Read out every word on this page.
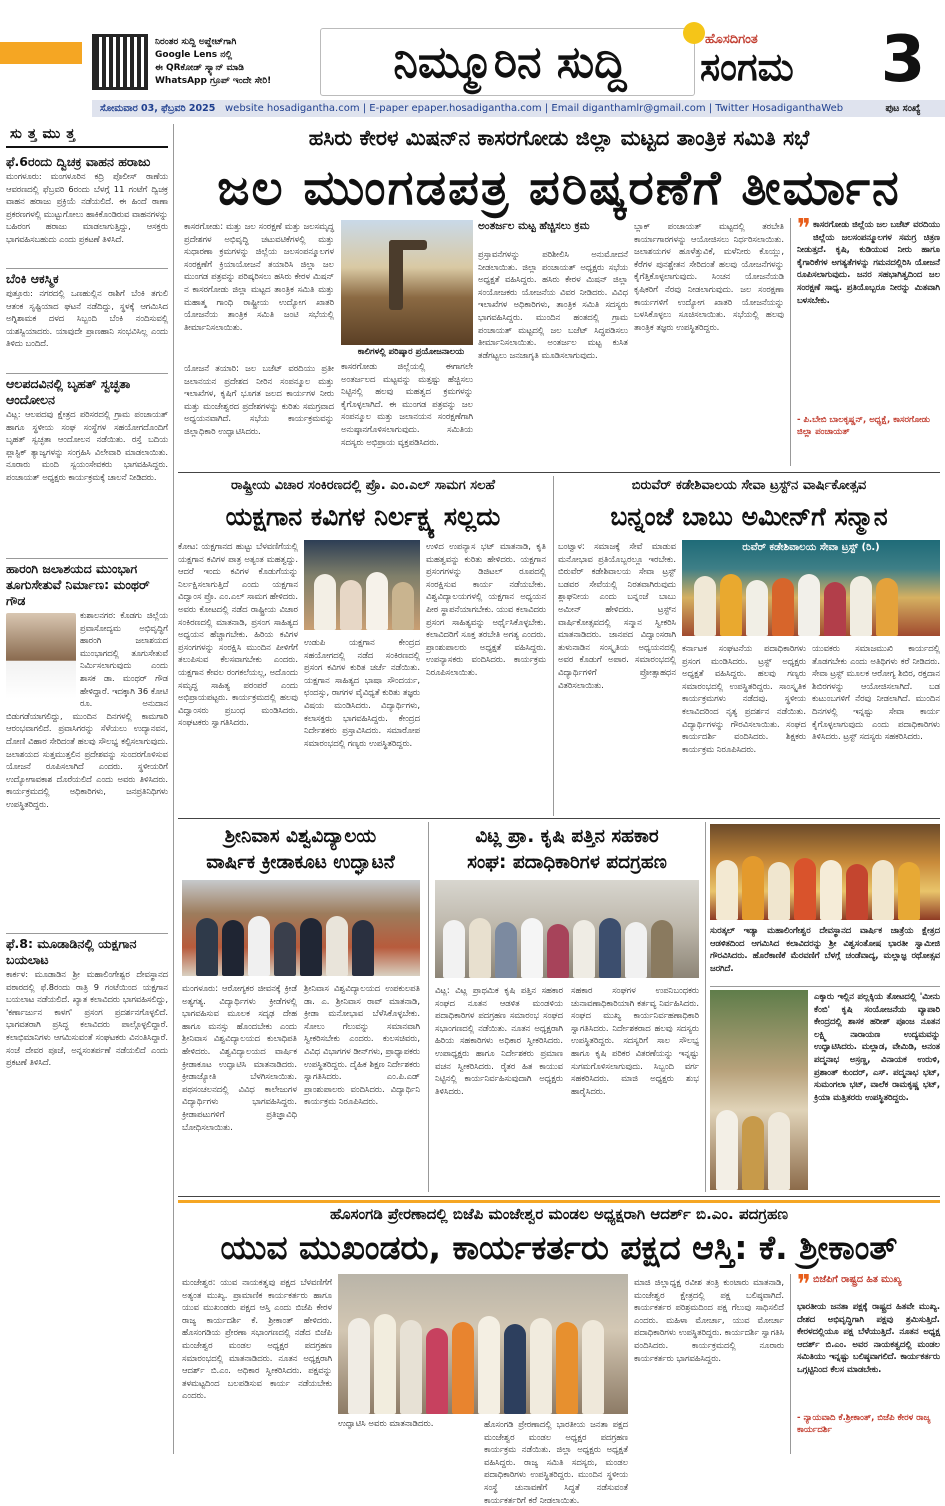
ನಿರಂತರ ಸುದ್ದಿ ಅಪ್ಡೇಟ್‌ಗಾಗಿ
Google Lens ನಲ್ಲಿ
ಈ QRಕೋಡ್ ಸ್ಕ್ಯಾನ್ ಮಾಡಿ
WhatsApp ಗ್ರೂಪ್ ಇಂದೇ ಸೇರಿ!	ನಿಮ್ಮೂರಿನ ಸುದ್ದಿ	ಹೊಸದಿಗಂತ
ಸಂಗಮ	3
ಸೋಮವಾರ 03, ಫೆಬ್ರವರಿ 2025 website hosadigantha.com | E-paper epaper.hosadigantha.com | Email diganthamlr@gmail.com | Twitter HosadiganthaWeb	ಪುಟ ಸಂಖ್ಯೆ
ಸುತ್ತಮುತ್ತ
ಫೆ.6ರಂದು ದ್ವಿಚಕ್ರ ವಾಹನ ಹರಾಜು
ಮಂಗಳೂರು: ಮಂಗಳೂರಿನ ಕದ್ರಿ ಪೊಲೀಸ್ ಠಾಣೆಯ ಆವರಣದಲ್ಲಿ ಫೆಬ್ರವರಿ 6ರಂದು ಬೆಳಗ್ಗೆ 11 ಗಂಟೆಗೆ ದ್ವಿಚಕ್ರ ವಾಹನ ಹರಾಜು ಪ್ರಕ್ರಿಯೆ ನಡೆಯಲಿದೆ. ಈ ಹಿಂದೆ ಠಾಣಾ ಪ್ರಕರಣಗಳಲ್ಲಿ ಮುಟ್ಟುಗೋಲು ಹಾಕಿಕೊಂಡಿರುವ ವಾಹನಗಳನ್ನು ಬಹಿರಂಗ ಹರಾಜು ಮಾಡಲಾಗುತ್ತಿದ್ದು, ಆಸಕ್ತರು ಭಾಗವಹಿಸಬಹುದು ಎಂದು ಪ್ರಕಟಣೆ ತಿಳಿಸಿದೆ.
ಬೆಂಕಿ ಆಕಸ್ಮಿಕ
ಪುತ್ತೂರು: ನಗರದಲ್ಲಿ ಒಣಹುಲ್ಲಿನ ರಾಶಿಗೆ ಬೆಂಕಿ ತಗುಲಿ ಆತಂಕ ಸೃಷ್ಟಿಯಾದ ಘಟನೆ ನಡೆದಿದ್ದು, ಸ್ಥಳಕ್ಕೆ ಆಗಮಿಸಿದ ಅಗ್ನಿಶಾಮಕ ದಳದ ಸಿಬ್ಬಂದಿ ಬೆಂಕಿ ನಂದಿಸುವಲ್ಲಿ ಯಶಸ್ವಿಯಾದರು. ಯಾವುದೇ ಪ್ರಾಣಹಾನಿ ಸಂಭವಿಸಿಲ್ಲ ಎಂದು ತಿಳಿದು ಬಂದಿದೆ.
ಆಲಪದವಿನಲ್ಲಿ ಬೃಹತ್ ಸ್ವಚ್ಛತಾ ಆಂದೋಲನ
ವಿಟ್ಲ: ಆಲಪದವು ಕ್ಷೇತ್ರದ ಪರಿಸರದಲ್ಲಿ ಗ್ರಾಮ ಪಂಚಾಯತ್ ಹಾಗೂ ಸ್ಥಳೀಯ ಸಂಘ ಸಂಸ್ಥೆಗಳ ಸಹಯೋಗದೊಂದಿಗೆ ಬೃಹತ್ ಸ್ವಚ್ಛತಾ ಆಂದೋಲನ ನಡೆಯಿತು. ರಸ್ತೆ ಬದಿಯ ಪ್ಲಾಸ್ಟಿಕ್ ತ್ಯಾಜ್ಯಗಳನ್ನು ಸಂಗ್ರಹಿಸಿ ವಿಲೇವಾರಿ ಮಾಡಲಾಯಿತು. ನೂರಾರು ಮಂದಿ ಸ್ವಯಂಸೇವಕರು ಭಾಗವಹಿಸಿದ್ದರು. ಪಂಚಾಯತ್ ಅಧ್ಯಕ್ಷರು ಕಾರ್ಯಕ್ರಮಕ್ಕೆ ಚಾಲನೆ ನೀಡಿದರು.
ಹಾರಂಗಿ ಜಲಾಶಯದ ಮುಂಭಾಗ ತೂಗುಸೇತುವೆ ನಿರ್ಮಾಣ: ಮಂಥರ್ ಗೌಡ
ಕುಶಾಲನಗರ: ಕೊಡಗು ಜಿಲ್ಲೆಯ ಪ್ರವಾಸೋದ್ಯಮ ಅಭಿವೃದ್ಧಿಗೆ ಹಾರಂಗಿ ಜಲಾಶಯದ ಮುಂಭಾಗದಲ್ಲಿ ತೂಗುಸೇತುವೆ ನಿರ್ಮಿಸಲಾಗುವುದು ಎಂದು ಶಾಸಕ ಡಾ. ಮಂಥರ್ ಗೌಡ ಹೇಳಿದ್ದಾರೆ. ಇದಕ್ಕಾಗಿ 36 ಕೋಟಿ ರೂ. ಅನುದಾನ ಬಿಡುಗಡೆಯಾಗಲಿದ್ದು, ಮುಂದಿನ ದಿನಗಳಲ್ಲಿ ಕಾಮಗಾರಿ ಆರಂಭವಾಗಲಿದೆ. ಪ್ರವಾಸಿಗರನ್ನು ಸೆಳೆಯಲು ಉದ್ಯಾನವನ, ದೋಣಿ ವಿಹಾರ ಸೇರಿದಂತೆ ಹಲವು ಸೌಲಭ್ಯ ಕಲ್ಪಿಸಲಾಗುವುದು. ಜಲಾಶಯದ ಸುತ್ತಮುತ್ತಲಿನ ಪ್ರದೇಶವನ್ನು ಸುಂದರಗೊಳಿಸುವ ಯೋಜನೆ ರೂಪಿಸಲಾಗಿದೆ ಎಂದರು. ಸ್ಥಳೀಯರಿಗೆ ಉದ್ಯೋಗಾವಕಾಶ ದೊರೆಯಲಿದೆ ಎಂದು ಅವರು ತಿಳಿಸಿದರು. ಕಾರ್ಯಕ್ರಮದಲ್ಲಿ ಅಧಿಕಾರಿಗಳು, ಜನಪ್ರತಿನಿಧಿಗಳು ಉಪಸ್ಥಿತರಿದ್ದರು.
ಫೆ.8: ಮೂಡಾಡಿನಲ್ಲಿ ಯಕ್ಷಗಾನ ಬಯಲಾಟ
ಕಾರ್ಕಳ: ಮೂಡಾಡಿನ ಶ್ರೀ ಮಹಾಲಿಂಗೇಶ್ವರ ದೇವಸ್ಥಾನದ ವಠಾರದಲ್ಲಿ ಫೆ.8ರಂದು ರಾತ್ರಿ 9 ಗಂಟೆಯಿಂದ ಯಕ್ಷಗಾನ ಬಯಲಾಟ ನಡೆಯಲಿದೆ. ಖ್ಯಾತ ಕಲಾವಿದರು ಭಾಗವಹಿಸಲಿದ್ದು, 'ಕರ್ಣಾರ್ಜುನ ಕಾಳಗ' ಪ್ರಸಂಗ ಪ್ರದರ್ಶನಗೊಳ್ಳಲಿದೆ. ಭಾಗವತರಾಗಿ ಪ್ರಸಿದ್ಧ ಕಲಾವಿದರು ಪಾಲ್ಗೊಳ್ಳಲಿದ್ದಾರೆ. ಕಲಾಭಿಮಾನಿಗಳು ಆಗಮಿಸುವಂತೆ ಸಂಘಟಕರು ವಿನಂತಿಸಿದ್ದಾರೆ. ಸಂಜೆ ದೇವರ ಪೂಜೆ, ಅನ್ನಸಂತರ್ಪಣೆ ನಡೆಯಲಿದೆ ಎಂದು ಪ್ರಕಟಣೆ ತಿಳಿಸಿದೆ.
ಹಸಿರು ಕೇರಳ ಮಿಷನ್‌ನ ಕಾಸರಗೋಡು ಜಿಲ್ಲಾ ಮಟ್ಟದ ತಾಂತ್ರಿಕ ಸಮಿತಿ ಸಭೆ
ಜಲ ಮುಂಗಡಪತ್ರ ಪರಿಷ್ಕರಣೆಗೆ ತೀರ್ಮಾನ
ಕಾಸರಗೋಡು: ಮತ್ತು ಜಲ ಸಂರಕ್ಷಣೆ ಮತ್ತು ಜಲಸಮೃದ್ಧ ಪ್ರದೇಶಗಳ ಅಭಿವೃದ್ಧಿ ಚಟುವಟಿಕೆಗಳಲ್ಲಿ ಮತ್ತು ಸುಧಾರಣಾ ಕ್ರಮಗಳನ್ನು ಜಿಲ್ಲೆಯ ಜಲಸಂಪನ್ಮೂಲಗಳ ಸಂರಕ್ಷಣೆಗೆ ಕ್ರಿಯಾಯೋಜನೆ ತಯಾರಿಸಿ ಜಿಲ್ಲಾ ಜಲ ಮುಂಗಡ ಪತ್ರವನ್ನು ಪರಿಷ್ಕರಿಸಲು ಹಸಿರು ಕೇರಳ ಮಿಷನ್ ನ ಕಾಸರಗೋಡು ಜಿಲ್ಲಾ ಮಟ್ಟದ ತಾಂತ್ರಿಕ ಸಮಿತಿ ಮತ್ತು ಮಹಾತ್ಮ ಗಾಂಧಿ ರಾಷ್ಟ್ರೀಯ ಉದ್ಯೋಗ ಖಾತರಿ ಯೋಜನೆಯ ತಾಂತ್ರಿಕ ಸಮಿತಿ ಜಂಟಿ ಸಭೆಯಲ್ಲಿ ತೀರ್ಮಾನಿಸಲಾಯಿತು.
ಯೋಜನೆ ತಯಾರಿ: ಜಲ ಬಜೆಟ್ ವರದಿಯು ಪ್ರತೀ ಜಲಾನಯನ ಪ್ರದೇಶದ ನೀರಿನ ಸಂಪನ್ಮೂಲ ಮತ್ತು ಇಲಾಖೆಗಳ, ಕೃಷಿಗೆ ಭೂಗತ ಜಲದ ಕಾರ್ಯಗಳ ನೀರು ಮತ್ತು ಮಂಜೇಶ್ವರದ ಪ್ರದೇಶಗಳನ್ನು ಕುರಿತು ಸಮಗ್ರವಾದ ಅಧ್ಯಯನವಾಗಿದೆ. ಸಭೆಯ ಕಾರ್ಯಕ್ರಮವನ್ನು ಜಿಲ್ಲಾಧಿಕಾರಿ ಉದ್ಘಾಟಿಸಿದರು.
ಕಾಲಿಗಳಲ್ಲಿ ಪರಿಷ್ಕಾರ ಪ್ರಯೋಜನಾಲಯ
ಕಾಸರಗೋಡು ಜಿಲ್ಲೆಯಲ್ಲಿ ಈಗಾಗಲೇ ಅಂತರ್ಜಲದ ಮಟ್ಟವನ್ನು ಮತ್ತಷ್ಟು ಹೆಚ್ಚಿಸಲು ನಿಟ್ಟಿನಲ್ಲಿ ಹಲವು ಮಹತ್ವದ ಕ್ರಮಗಳನ್ನು ಕೈಗೊಳ್ಳಲಾಗಿದೆ. ಈ ಮುಂಗಡ ಪತ್ರವನ್ನು ಜಲ ಸಂಪನ್ಮೂಲ ಮತ್ತು ಜಲಾನಯನ ಸಂರಕ್ಷಣೆಗಾಗಿ ಅನುಷ್ಠಾನಗೊಳಿಸಲಾಗುವುದು. ಸಮಿತಿಯ ಸದಸ್ಯರು ಅಭಿಪ್ರಾಯ ವ್ಯಕ್ತಪಡಿಸಿದರು.
ಅಂತರ್ಜಲ ಮಟ್ಟ ಹೆಚ್ಚಿಸಲು ಕ್ರಮ
ಪ್ರಸ್ತಾವನೆಗಳನ್ನು ಪರಿಶೀಲಿಸಿ ಅನುಮೋದನೆ ನೀಡಲಾಯಿತು. ಜಿಲ್ಲಾ ಪಂಚಾಯತ್ ಅಧ್ಯಕ್ಷರು ಸಭೆಯ ಅಧ್ಯಕ್ಷತೆ ವಹಿಸಿದ್ದರು. ಹಸಿರು ಕೇರಳ ಮಿಷನ್ ಜಿಲ್ಲಾ ಸಂಯೋಜಕರು ಯೋಜನೆಯ ವಿವರ ನೀಡಿದರು. ವಿವಿಧ ಇಲಾಖೆಗಳ ಅಧಿಕಾರಿಗಳು, ತಾಂತ್ರಿಕ ಸಮಿತಿ ಸದಸ್ಯರು ಭಾಗವಹಿಸಿದ್ದರು. ಮುಂದಿನ ಹಂತದಲ್ಲಿ ಗ್ರಾಮ ಪಂಚಾಯತ್ ಮಟ್ಟದಲ್ಲಿ ಜಲ ಬಜೆಟ್ ಸಿದ್ಧಪಡಿಸಲು ತೀರ್ಮಾನಿಸಲಾಯಿತು. ಅಂತರ್ಜಲ ಮಟ್ಟ ಕುಸಿತ ತಡೆಗಟ್ಟಲು ಜನಜಾಗೃತಿ ಮೂಡಿಸಲಾಗುವುದು.
ಬ್ಲಾಕ್ ಪಂಚಾಯತ್ ಮಟ್ಟದಲ್ಲಿ ತರಬೇತಿ ಕಾರ್ಯಾಗಾರಗಳನ್ನು ಆಯೋಜಿಸಲು ನಿರ್ಧರಿಸಲಾಯಿತು. ಜಲಾಶಯಗಳ ಹೂಳೆತ್ತುವಿಕೆ, ಮಳೆನೀರು ಕೊಯ್ಲು, ಕೆರೆಗಳ ಪುನಶ್ಚೇತನ ಸೇರಿದಂತೆ ಹಲವು ಯೋಜನೆಗಳನ್ನು ಕೈಗೆತ್ತಿಕೊಳ್ಳಲಾಗುವುದು. ಸಿಂಚನ ಯೋಜನೆಯಡಿ ಕೃಷಿಕರಿಗೆ ನೆರವು ನೀಡಲಾಗುವುದು. ಜಲ ಸಂರಕ್ಷಣಾ ಕಾರ್ಯಗಳಿಗೆ ಉದ್ಯೋಗ ಖಾತರಿ ಯೋಜನೆಯನ್ನು ಬಳಸಿಕೊಳ್ಳಲು ಸೂಚಿಸಲಾಯಿತು. ಸಭೆಯಲ್ಲಿ ಹಲವು ತಾಂತ್ರಿಕ ತಜ್ಞರು ಉಪಸ್ಥಿತರಿದ್ದರು.
❞ ಕಾಸರಗೋಡು ಜಿಲ್ಲೆಯ ಜಲ ಬಜೆಟ್ ವರದಿಯು ಜಿಲ್ಲೆಯ ಜಲಸಂಪನ್ಮೂಲಗಳ ಸಮಗ್ರ ಚಿತ್ರಣ ನೀಡುತ್ತದೆ. ಕೃಷಿ, ಕುಡಿಯುವ ನೀರು ಹಾಗೂ ಕೈಗಾರಿಕೆಗಳ ಅಗತ್ಯತೆಗಳನ್ನು ಗಮನದಲ್ಲಿರಿಸಿ ಯೋಜನೆ ರೂಪಿಸಲಾಗುವುದು. ಜನರ ಸಹಭಾಗಿತ್ವದಿಂದ ಜಲ ಸಂರಕ್ಷಣೆ ಸಾಧ್ಯ. ಪ್ರತಿಯೊಬ್ಬರೂ ನೀರನ್ನು ಮಿತವಾಗಿ ಬಳಸಬೇಕು.
- ಪಿ.ಬೇಬಿ ಬಾಲಕೃಷ್ಣನ್, ಅಧ್ಯಕ್ಷೆ, ಕಾಸರಗೋಡು ಜಿಲ್ಲಾ ಪಂಚಾಯತ್
ರಾಷ್ಟ್ರೀಯ ವಿಚಾರ ಸಂಕಿರಣದಲ್ಲಿ ಪ್ರೊ. ಎಂ.ಎಲ್ ಸಾಮಗ ಸಲಹೆ
ಯಕ್ಷಗಾನ ಕವಿಗಳ ನಿರ್ಲಕ್ಷ್ಯ ಸಲ್ಲದು
ಕೋಟ: ಯಕ್ಷಗಾನದ ಹುಟ್ಟು ಬೆಳವಣಿಗೆಯಲ್ಲಿ ಯಕ್ಷಗಾನ ಕವಿಗಳ ಪಾತ್ರ ಅತ್ಯಂತ ಮಹತ್ವದ್ದು. ಆದರೆ ಇಂದು ಕವಿಗಳ ಕೊಡುಗೆಯನ್ನು ನಿರ್ಲಕ್ಷಿಸಲಾಗುತ್ತಿದೆ ಎಂದು ಯಕ್ಷಗಾನ ವಿದ್ವಾಂಸ ಪ್ರೊ. ಎಂ.ಎಲ್ ಸಾಮಗ ಹೇಳಿದರು. ಅವರು ಕೋಟದಲ್ಲಿ ನಡೆದ ರಾಷ್ಟ್ರೀಯ ವಿಚಾರ ಸಂಕಿರಣದಲ್ಲಿ ಮಾತನಾಡಿ, ಪ್ರಸಂಗ ಸಾಹಿತ್ಯದ ಅಧ್ಯಯನ ಹೆಚ್ಚಾಗಬೇಕು. ಹಿರಿಯ ಕವಿಗಳ ಪ್ರಸಂಗಗಳನ್ನು ಸಂರಕ್ಷಿಸಿ ಮುಂದಿನ ಪೀಳಿಗೆಗೆ ತಲುಪಿಸುವ ಕೆಲಸವಾಗಬೇಕು ಎಂದರು. ಯಕ್ಷಗಾನ ಕೇವಲ ರಂಗಕಲೆಯಲ್ಲ, ಅದೊಂದು ಸಮೃದ್ಧ ಸಾಹಿತ್ಯ ಪರಂಪರೆ ಎಂದು ಅಭಿಪ್ರಾಯಪಟ್ಟರು. ಕಾರ್ಯಕ್ರಮದಲ್ಲಿ ಹಲವು ವಿದ್ವಾಂಸರು ಪ್ರಬಂಧ ಮಂಡಿಸಿದರು. ಸಂಘಟಕರು ಸ್ವಾಗತಿಸಿದರು.
ಉಡುಪಿ ಯಕ್ಷಗಾನ ಕೇಂದ್ರದ ಸಹಯೋಗದಲ್ಲಿ ನಡೆದ ಸಂಕಿರಣದಲ್ಲಿ ಪ್ರಸಂಗ ಕವಿಗಳ ಕುರಿತ ಚರ್ಚೆ ನಡೆಯಿತು. ಯಕ್ಷಗಾನ ಸಾಹಿತ್ಯದ ಭಾಷಾ ಸೌಂದರ್ಯ, ಛಂದಸ್ಸು, ರಾಗಗಳ ವೈವಿಧ್ಯತೆ ಕುರಿತು ತಜ್ಞರು ವಿಷಯ ಮಂಡಿಸಿದರು. ವಿದ್ಯಾರ್ಥಿಗಳು, ಕಲಾಸಕ್ತರು ಭಾಗವಹಿಸಿದ್ದರು. ಕೇಂದ್ರದ ನಿರ್ದೇಶಕರು ಪ್ರಸ್ತಾವಿಸಿದರು. ಸಮಾರೋಪ ಸಮಾರಂಭದಲ್ಲಿ ಗಣ್ಯರು ಉಪಸ್ಥಿತರಿದ್ದರು.
ಉಳಿದ ಉಪನ್ಯಾಸ ಭಟ್ ಮಾತನಾಡಿ, ಕೃತಿ ಮಹತ್ವವನ್ನು ಕುರಿತು ಹೇಳಿದರು. ಯಕ್ಷಗಾನ ಪ್ರಸಂಗಗಳನ್ನು ಡಿಜಿಟಲ್ ರೂಪದಲ್ಲಿ ಸಂರಕ್ಷಿಸುವ ಕಾರ್ಯ ನಡೆಯಬೇಕು. ವಿಶ್ವವಿದ್ಯಾಲಯಗಳಲ್ಲಿ ಯಕ್ಷಗಾನ ಅಧ್ಯಯನ ಪೀಠ ಸ್ಥಾಪನೆಯಾಗಬೇಕು. ಯುವ ಕಲಾವಿದರು ಪ್ರಸಂಗ ಸಾಹಿತ್ಯವನ್ನು ಅರ್ಥೈಸಿಕೊಳ್ಳಬೇಕು. ಕಲಾವಿದರಿಗೆ ಸೂಕ್ತ ತರಬೇತಿ ಅಗತ್ಯ ಎಂದರು. ಪ್ರಾಂಶುಪಾಲರು ಅಧ್ಯಕ್ಷತೆ ವಹಿಸಿದ್ದರು. ಉಪನ್ಯಾಸಕರು ವಂದಿಸಿದರು. ಕಾರ್ಯಕ್ರಮ ನಿರೂಪಿಸಲಾಯಿತು.
ಬಿರುವೆರ್ ಕಡೇಶಿವಾಲಯ ಸೇವಾ ಟ್ರಸ್ಟ್‌ನ ವಾರ್ಷಿಕೋತ್ಸವ
ಬನ್ನಂಜೆ ಬಾಬು ಅಮೀನ್‌ಗೆ ಸನ್ಮಾನ
ಬಂಟ್ವಾಳ: ಸಮಾಜಕ್ಕೆ ಸೇವೆ ಮಾಡುವ ಮನೋಭಾವ ಪ್ರತಿಯೊಬ್ಬರಲ್ಲೂ ಇರಬೇಕು. ಬಿರುವೆರ್ ಕಡೇಶಿವಾಲಯ ಸೇವಾ ಟ್ರಸ್ಟ್ ಬಡವರ ಸೇವೆಯಲ್ಲಿ ನಿರತವಾಗಿರುವುದು ಶ್ಲಾಘನೀಯ ಎಂದು ಬನ್ನಂಜೆ ಬಾಬು ಅಮೀನ್ ಹೇಳಿದರು. ಟ್ರಸ್ಟ್‌ನ ವಾರ್ಷಿಕೋತ್ಸವದಲ್ಲಿ ಸನ್ಮಾನ ಸ್ವೀಕರಿಸಿ ಮಾತನಾಡಿದರು. ಜಾನಪದ ವಿದ್ವಾಂಸರಾಗಿ ತುಳುನಾಡಿನ ಸಂಸ್ಕೃತಿಯ ಅಧ್ಯಯನದಲ್ಲಿ ಅವರ ಕೊಡುಗೆ ಅಪಾರ. ಸಮಾರಂಭದಲ್ಲಿ ವಿದ್ಯಾರ್ಥಿಗಳಿಗೆ ಪ್ರೋತ್ಸಾಹಧನ ವಿತರಿಸಲಾಯಿತು.
ರುವೆರ್ ಕಡೇಶಿವಾಲಯ ಸೇವಾ ಟ್ರಸ್ಟ್ (ರಿ.)
ಕರ್ನಾಟಕ ಸಂಘಟನೆಯ ಪದಾಧಿಕಾರಿಗಳು ಪ್ರಸಂಗ ಮಂಡಿಸಿದರು. ಟ್ರಸ್ಟ್ ಅಧ್ಯಕ್ಷರು ಅಧ್ಯಕ್ಷತೆ ವಹಿಸಿದ್ದರು. ಹಲವು ಗಣ್ಯರು ಸಮಾರಂಭದಲ್ಲಿ ಉಪಸ್ಥಿತರಿದ್ದರು. ಸಾಂಸ್ಕೃತಿಕ ಕಾರ್ಯಕ್ರಮಗಳು ನಡೆದವು. ಸ್ಥಳೀಯ ಕಲಾವಿದರಿಂದ ನೃತ್ಯ ಪ್ರದರ್ಶನ ನಡೆಯಿತು. ವಿದ್ಯಾರ್ಥಿಗಳನ್ನು ಗೌರವಿಸಲಾಯಿತು. ಸಂಘದ ಕಾರ್ಯದರ್ಶಿ ವಂದಿಸಿದರು. ಶಿಕ್ಷಕರು ಕಾರ್ಯಕ್ರಮ ನಿರೂಪಿಸಿದರು.
ಯುವಕರು ಸಮಾಜಮುಖಿ ಕಾರ್ಯದಲ್ಲಿ ತೊಡಗಬೇಕು ಎಂದು ಅತಿಥಿಗಳು ಕರೆ ನೀಡಿದರು. ಸೇವಾ ಟ್ರಸ್ಟ್ ಮೂಲಕ ಆರೋಗ್ಯ ಶಿಬಿರ, ರಕ್ತದಾನ ಶಿಬಿರಗಳನ್ನು ಆಯೋಜಿಸಲಾಗಿದೆ. ಬಡ ಕುಟುಂಬಗಳಿಗೆ ನೆರವು ನೀಡಲಾಗಿದೆ. ಮುಂದಿನ ದಿನಗಳಲ್ಲಿ ಇನ್ನಷ್ಟು ಸೇವಾ ಕಾರ್ಯ ಕೈಗೊಳ್ಳಲಾಗುವುದು ಎಂದು ಪದಾಧಿಕಾರಿಗಳು ತಿಳಿಸಿದರು. ಟ್ರಸ್ಟ್ ಸದಸ್ಯರು ಸಹಕರಿಸಿದರು.
ಶ್ರೀನಿವಾಸ ವಿಶ್ವವಿದ್ಯಾಲಯ
ವಾರ್ಷಿಕ ಕ್ರೀಡಾಕೂಟ ಉದ್ಘಾಟನೆ
ಮಂಗಳೂರು: ಆರೋಗ್ಯಕರ ಜೀವನಕ್ಕೆ ಕ್ರೀಡೆ ಅತ್ಯಗತ್ಯ. ವಿದ್ಯಾರ್ಥಿಗಳು ಕ್ರೀಡೆಗಳಲ್ಲಿ ಭಾಗವಹಿಸುವ ಮೂಲಕ ಸದೃಢ ದೇಹ ಹಾಗೂ ಮನಸ್ಸು ಹೊಂದಬೇಕು ಎಂದು ಶ್ರೀನಿವಾಸ ವಿಶ್ವವಿದ್ಯಾಲಯದ ಕುಲಾಧಿಪತಿ ಹೇಳಿದರು. ವಿಶ್ವವಿದ್ಯಾಲಯದ ವಾರ್ಷಿಕ ಕ್ರೀಡಾಕೂಟ ಉದ್ಘಾಟಿಸಿ ಮಾತನಾಡಿದರು. ಕ್ರೀಡಾಜ್ಯೋತಿ ಬೆಳಗಿಸಲಾಯಿತು. ಪಥಸಂಚಲನದಲ್ಲಿ ವಿವಿಧ ಕಾಲೇಜುಗಳ ವಿದ್ಯಾರ್ಥಿಗಳು ಭಾಗವಹಿಸಿದ್ದರು. ಕ್ರೀಡಾಪಟುಗಳಿಗೆ ಪ್ರತಿಜ್ಞಾವಿಧಿ ಬೋಧಿಸಲಾಯಿತು.
ಶ್ರೀನಿವಾಸ ವಿಶ್ವವಿದ್ಯಾಲಯದ ಉಪಕುಲಪತಿ ಡಾ. ಎ. ಶ್ರೀನಿವಾಸ ರಾವ್ ಮಾತನಾಡಿ, ಕ್ರೀಡಾ ಮನೋಭಾವ ಬೆಳೆಸಿಕೊಳ್ಳಬೇಕು. ಸೋಲು ಗೆಲುವನ್ನು ಸಮಾನವಾಗಿ ಸ್ವೀಕರಿಸಬೇಕು ಎಂದರು. ಕುಲಸಚಿವರು, ವಿವಿಧ ವಿಭಾಗಗಳ ಡೀನ್‌ಗಳು, ಪ್ರಾಧ್ಯಾಪಕರು ಉಪಸ್ಥಿತರಿದ್ದರು. ದೈಹಿಕ ಶಿಕ್ಷಣ ನಿರ್ದೇಶಕರು ಸ್ವಾಗತಿಸಿದರು. ಎಂ.ಪಿ.ಎಡ್ ಪ್ರಾಂಶುಪಾಲರು ವಂದಿಸಿದರು. ವಿದ್ಯಾರ್ಥಿನಿ ಕಾರ್ಯಕ್ರಮ ನಿರೂಪಿಸಿದರು.
ವಿಟ್ಲ ಪ್ರಾ. ಕೃಷಿ ಪತ್ತಿನ ಸಹಕಾರ
ಸಂಘ: ಪದಾಧಿಕಾರಿಗಳ ಪದಗ್ರಹಣ
ವಿಟ್ಲ: ವಿಟ್ಲ ಪ್ರಾಥಮಿಕ ಕೃಷಿ ಪತ್ತಿನ ಸಹಕಾರ ಸಂಘದ ನೂತನ ಆಡಳಿತ ಮಂಡಳಿಯ ಪದಾಧಿಕಾರಿಗಳ ಪದಗ್ರಹಣ ಸಮಾರಂಭ ಸಂಘದ ಸಭಾಂಗಣದಲ್ಲಿ ನಡೆಯಿತು. ನೂತನ ಅಧ್ಯಕ್ಷರಾಗಿ ಹಿರಿಯ ಸಹಕಾರಿಗಳು ಅಧಿಕಾರ ಸ್ವೀಕರಿಸಿದರು. ಉಪಾಧ್ಯಕ್ಷರು ಹಾಗೂ ನಿರ್ದೇಶಕರು ಪ್ರಮಾಣ ವಚನ ಸ್ವೀಕರಿಸಿದರು. ರೈತರ ಹಿತ ಕಾಯುವ ನಿಟ್ಟಿನಲ್ಲಿ ಕಾರ್ಯನಿರ್ವಹಿಸುವುದಾಗಿ ಅಧ್ಯಕ್ಷರು ತಿಳಿಸಿದರು.
ಸಹಕಾರ ಸಂಘಗಳ ಉಪನಿಬಂಧಕರು ಚುನಾವಣಾಧಿಕಾರಿಯಾಗಿ ಕರ್ತವ್ಯ ನಿರ್ವಹಿಸಿದರು. ಸಂಘದ ಮುಖ್ಯ ಕಾರ್ಯನಿರ್ವಹಣಾಧಿಕಾರಿ ಸ್ವಾಗತಿಸಿದರು. ನಿರ್ದೇಶಕರಾದ ಹಲವು ಸದಸ್ಯರು ಉಪಸ್ಥಿತರಿದ್ದರು. ಸದಸ್ಯರಿಗೆ ಸಾಲ ಸೌಲಭ್ಯ ಹಾಗೂ ಕೃಷಿ ಪರಿಕರ ವಿತರಣೆಯನ್ನು ಇನ್ನಷ್ಟು ಸುಗಮಗೊಳಿಸಲಾಗುವುದು. ಸಿಬ್ಬಂದಿ ವರ್ಗ ಸಹಕರಿಸಿದರು. ಮಾಜಿ ಅಧ್ಯಕ್ಷರು ಶುಭ ಹಾರೈಸಿದರು.
ಸುರತ್ಕಲ್ ಇಡ್ಯಾ ಮಹಾಲಿಂಗೇಶ್ವರ ದೇವಸ್ಥಾನದ ವಾರ್ಷಿಕ ಜಾತ್ರೆಯ ಕ್ಷೇತ್ರದ ಆಡಳಿತದಿಂದ ಆಗಮಿಸಿದ ಕಲಾವಿದರನ್ನು ಶ್ರೀ ವಿಶ್ವಸಂತೋಷ ಭಾರತೀ ಸ್ವಾಮೀಜಿ ಗೌರವಿಸಿದರು. ಹೊರೆಕಾಣಿಕೆ ಮೆರವಣಿಗೆ ಬೆಳಗ್ಗೆ ಚಂಡೆವಾದ್ಯ, ಮಲ್ಲಾಜ್ಞ ರಥೋತ್ಸವ ಜರಗಿದೆ.
ಎಕ್ಕಾರು ಇಲ್ಲಿನ ಪಲ್ಲಕ್ಕಿಯ ತೋಟದಲ್ಲಿ 'ಮೀನು ಕೆಂಬಿ' ಕೃಷಿ ಸಂಯೋಜನೆಯ ವ್ಯಾಪಾರಿ ಕೇಂದ್ರದಲ್ಲಿ ಶಾಸಕ ಹರೀಶ್ ಪೂಂಜ ನೂತನ ಲಕ್ಷ್ಮಿ ನಾರಾಯಣ ಉದ್ಯಮವನ್ನು ಉದ್ಘಾಟಿಸಿದರು. ಮಲ್ಲಾಡ, ವೇಮಿಡಿ, ಅನಂತ ಪದ್ಮನಾಭ ಅಸ್ರಣ್ಣ, ವಿನಾಯಕ ಉರುಳಿ, ಪ್ರಶಾಂತ್ ಕುಂದರ್, ಎಸ್. ಪದ್ಮನಾಭ ಭಟ್, ಸುಮಂಗಲಾ ಭಟ್, ವಾಲೆಕ ರಾಮಕೃಷ್ಣ ಭಟ್, ಕ್ರಿಯಾ ಮತ್ತಿತರರು ಉಪಸ್ಥಿತರಿದ್ದರು.
ಹೊಸಂಗಡಿ ಪ್ರೇರಣಾದಲ್ಲಿ ಬಿಜೆಪಿ ಮಂಜೇಶ್ವರ ಮಂಡಲ ಅಧ್ಯಕ್ಷರಾಗಿ ಆದರ್ಶ್ ಬಿ.ಎಂ. ಪದಗ್ರಹಣ
ಯುವ ಮುಖಂಡರು, ಕಾರ್ಯಕರ್ತರು ಪಕ್ಷದ ಆಸ್ತಿ: ಕೆ. ಶ್ರೀಕಾಂತ್
ಮಂಜೇಶ್ವರ: ಯುವ ನಾಯಕತ್ವವು ಪಕ್ಷದ ಬೆಳವಣಿಗೆಗೆ ಅತ್ಯಂತ ಮುಖ್ಯ. ಪ್ರಾಮಾಣಿಕ ಕಾರ್ಯಕರ್ತರು ಹಾಗೂ ಯುವ ಮುಖಂಡರು ಪಕ್ಷದ ಆಸ್ತಿ ಎಂದು ಬಿಜೆಪಿ ಕೇರಳ ರಾಜ್ಯ ಕಾರ್ಯದರ್ಶಿ ಕೆ. ಶ್ರೀಕಾಂತ್ ಹೇಳಿದರು. ಹೊಸಂಗಡಿಯ ಪ್ರೇರಣಾ ಸಭಾಂಗಣದಲ್ಲಿ ನಡೆದ ಬಿಜೆಪಿ ಮಂಜೇಶ್ವರ ಮಂಡಲ ಅಧ್ಯಕ್ಷರ ಪದಗ್ರಹಣ ಸಮಾರಂಭದಲ್ಲಿ ಮಾತನಾಡಿದರು. ನೂತನ ಅಧ್ಯಕ್ಷರಾಗಿ ಆದರ್ಶ್ ಬಿ.ಎಂ. ಅಧಿಕಾರ ಸ್ವೀಕರಿಸಿದರು. ಪಕ್ಷವನ್ನು ತಳಮಟ್ಟದಿಂದ ಬಲಪಡಿಸುವ ಕಾರ್ಯ ನಡೆಯಬೇಕು ಎಂದರು.
ಉದ್ಘಾಟಿಸಿ ಅವರು ಮಾತನಾಡಿದರು.	ಹೊಸಂಗಡಿ ಪ್ರೇರಣಾದಲ್ಲಿ ಭಾರತೀಯ ಜನತಾ ಪಕ್ಷದ ಮಂಜೇಶ್ವರ ಮಂಡಲ ಅಧ್ಯಕ್ಷರ ಪದಗ್ರಹಣ ಕಾರ್ಯಕ್ರಮ ನಡೆಯಿತು. ಜಿಲ್ಲಾ ಅಧ್ಯಕ್ಷರು ಅಧ್ಯಕ್ಷತೆ ವಹಿಸಿದ್ದರು. ರಾಜ್ಯ ಸಮಿತಿ ಸದಸ್ಯರು, ಮಂಡಲ ಪದಾಧಿಕಾರಿಗಳು ಉಪಸ್ಥಿತರಿದ್ದರು. ಮುಂದಿನ ಸ್ಥಳೀಯ ಸಂಸ್ಥೆ ಚುನಾವಣೆಗೆ ಸಿದ್ಧತೆ ನಡೆಸುವಂತೆ ಕಾರ್ಯಕರ್ತರಿಗೆ ಕರೆ ನೀಡಲಾಯಿತು.
ಮಾಜಿ ಜಿಲ್ಲಾಧ್ಯಕ್ಷ ರವೀಶ ತಂತ್ರಿ ಕುಂಟಾರು ಮಾತನಾಡಿ, ಮಂಜೇಶ್ವರ ಕ್ಷೇತ್ರದಲ್ಲಿ ಪಕ್ಷ ಬಲಿಷ್ಠವಾಗಿದೆ. ಕಾರ್ಯಕರ್ತರ ಪರಿಶ್ರಮದಿಂದ ಪಕ್ಷ ಗೆಲುವು ಸಾಧಿಸಲಿದೆ ಎಂದರು. ಮಹಿಳಾ ಮೋರ್ಚಾ, ಯುವ ಮೋರ್ಚಾ ಪದಾಧಿಕಾರಿಗಳು ಉಪಸ್ಥಿತರಿದ್ದರು. ಕಾರ್ಯದರ್ಶಿ ಸ್ವಾಗತಿಸಿ ವಂದಿಸಿದರು. ಕಾರ್ಯಕ್ರಮದಲ್ಲಿ ನೂರಾರು ಕಾರ್ಯಕರ್ತರು ಭಾಗವಹಿಸಿದ್ದರು.
❞ ಬಿಜೆಪಿಗೆ ರಾಷ್ಟ್ರದ ಹಿತ ಮುಖ್ಯ
ಭಾರತೀಯ ಜನತಾ ಪಕ್ಷಕ್ಕೆ ರಾಷ್ಟ್ರದ ಹಿತವೇ ಮುಖ್ಯ. ದೇಶದ ಅಭಿವೃದ್ಧಿಗಾಗಿ ಪಕ್ಷವು ಶ್ರಮಿಸುತ್ತಿದೆ. ಕೇರಳದಲ್ಲಿಯೂ ಪಕ್ಷ ಬೆಳೆಯುತ್ತಿದೆ. ನೂತನ ಅಧ್ಯಕ್ಷ ಆದರ್ಶ್ ಬಿ.ಎಂ. ಅವರ ನಾಯಕತ್ವದಲ್ಲಿ ಮಂಡಲ ಸಮಿತಿಯು ಇನ್ನಷ್ಟು ಬಲಿಷ್ಠವಾಗಲಿದೆ. ಕಾರ್ಯಕರ್ತರು ಒಗ್ಗಟ್ಟಿನಿಂದ ಕೆಲಸ ಮಾಡಬೇಕು.
- ನ್ಯಾಯವಾದಿ ಕೆ.ಶ್ರೀಕಾಂತ್, ಬಿಜೆಪಿ ಕೇರಳ ರಾಜ್ಯ ಕಾರ್ಯದರ್ಶಿ
